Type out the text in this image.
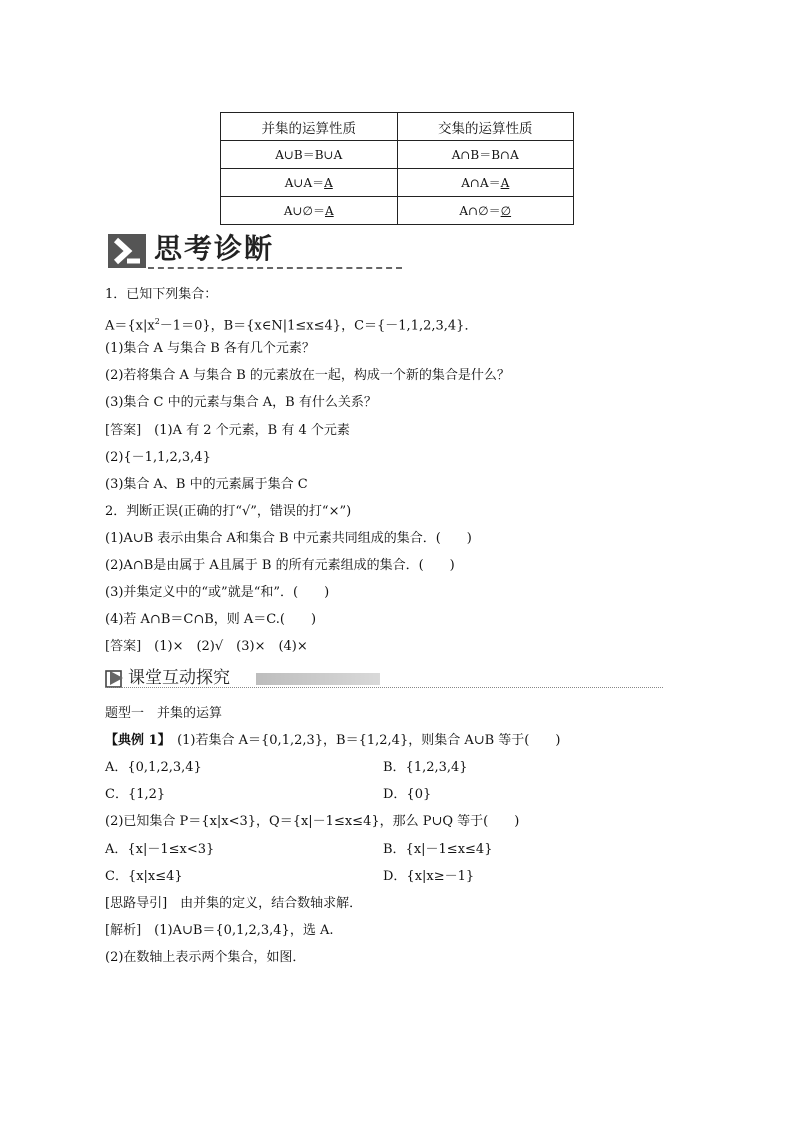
并集的运算性质	交集的运算性质
A∪B＝B∪A	A∩B＝B∩A
A∪A＝A	A∩A＝A
A∪∅＝A	A∩∅＝∅
思考诊断
1．已知下列集合：
$A=\{x|x^2-1=0\}$，B＝{x∈N|1≤x≤4}，C＝{－1,1,2,3,4}．
(1)集合 A 与集合 B 各有几个元素？
(2)若将集合 A 与集合 B 的元素放在一起，构成一个新的集合是什么？
(3)集合 C 中的元素与集合 A，B 有什么关系？
[答案]　(1)A 有 2 个元素，B 有 4 个元素
(2){－1,1,2,3,4}
(3)集合 A、B 中的元素属于集合 C
2．判断正误(正确的打“√”，错误的打“×”)
(1)A∪B 表示由集合 A和集合 B 中元素共同组成的集合．(　　)
(2)A∩B是由属于 A且属于 B 的所有元素组成的集合．(　　)
(3)并集定义中的“或”就是“和”．(　　)
(4)若 A∩B＝C∩B，则 A＝C.(　　)
[答案]　(1)×　(2)√　(3)×　(4)×
课堂互动探究
题型一　并集的运算
【典例 1】　(1)若集合 A＝{0,1,2,3}，B＝{1,2,4}，则集合 A∪B 等于(　　)
A．{0,1,2,3,4}	B．{1,2,3,4}
C．{1,2}	D．{0}
(2)已知集合 P＝{x|x<3}，Q＝{x|－1≤x≤4}，那么 P∪Q 等于(　　)
A．{x|－1≤x<3}	B．{x|－1≤x≤4}
C．{x|x≤4}	D．{x|x≥－1}
[思路导引]　由并集的定义，结合数轴求解．
[解析]　(1)A∪B＝{0,1,2,3,4}，选 A.
(2)在数轴上表示两个集合，如图．
